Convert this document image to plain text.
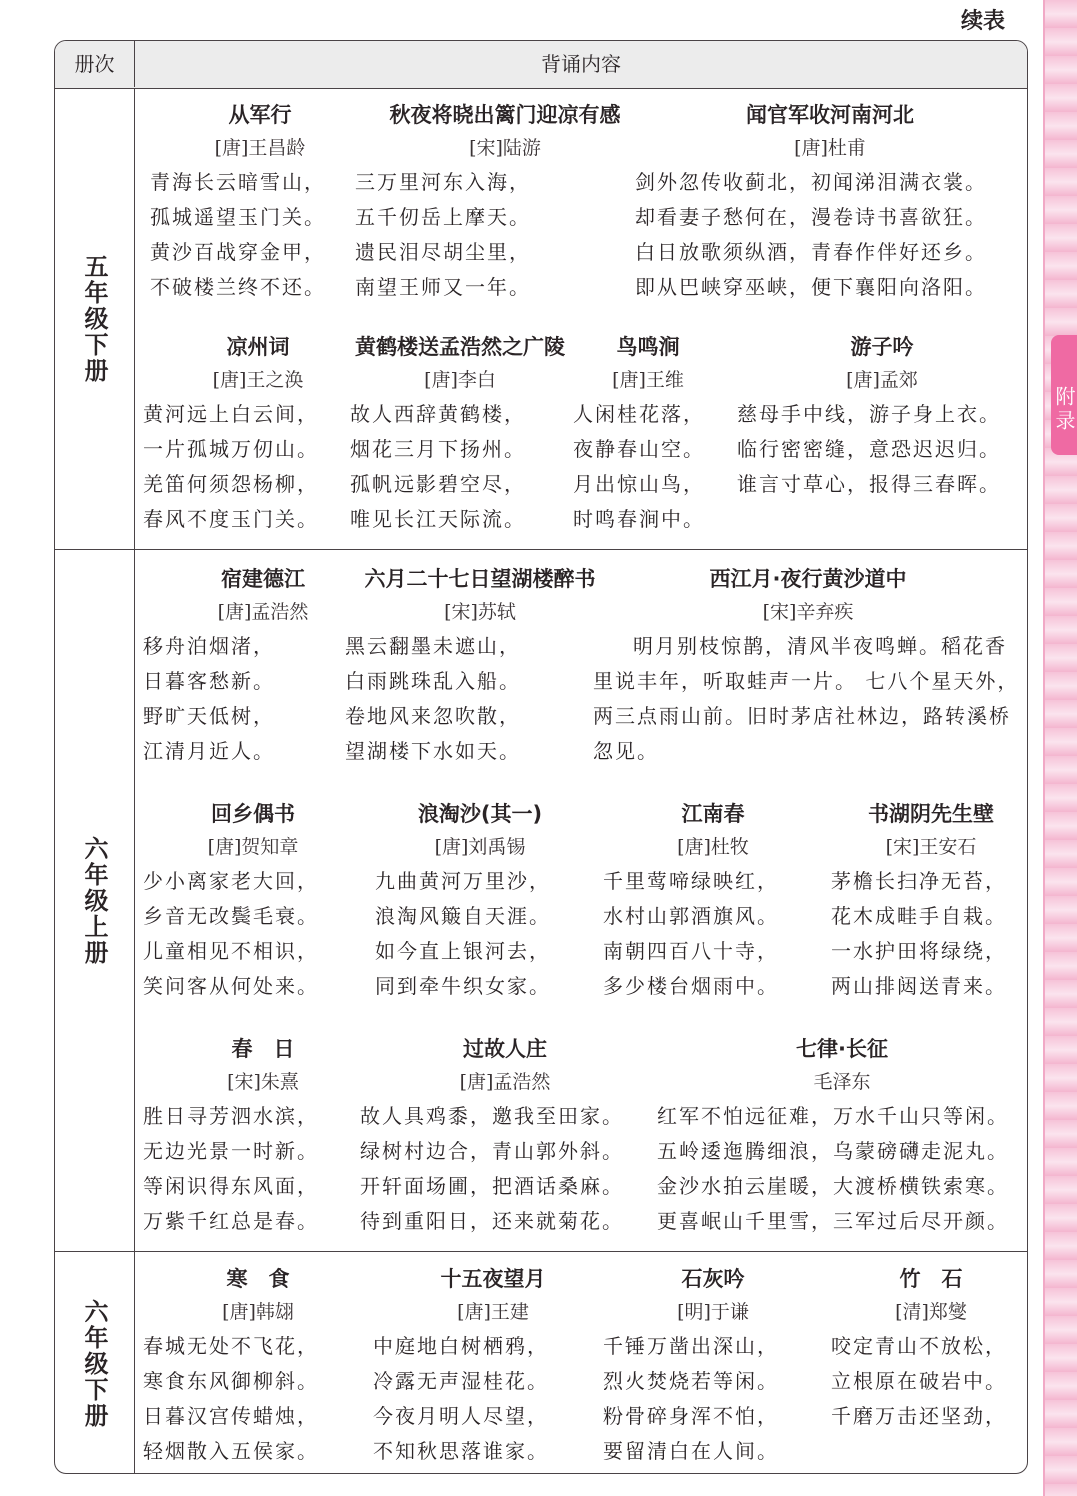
附录
续表
册次	背诵内容
五年级下册
六年级上册
六年级下册
从军行
[唐]王昌龄
青海长云暗雪山，
孤城遥望玉门关。
黄沙百战穿金甲，
不破楼兰终不还。
秋夜将晓出篱门迎凉有感
[宋]陆游
三万里河东入海，
五千仞岳上摩天。
遗民泪尽胡尘里，
南望王师又一年。
闻官军收河南河北
[唐]杜甫
剑外忽传收蓟北，初闻涕泪满衣裳。
却看妻子愁何在，漫卷诗书喜欲狂。
白日放歌须纵酒，青春作伴好还乡。
即从巴峡穿巫峡，便下襄阳向洛阳。
凉州词
[唐]王之涣
黄河远上白云间，
一片孤城万仞山。
羌笛何须怨杨柳，
春风不度玉门关。
黄鹤楼送孟浩然之广陵
[唐]李白
故人西辞黄鹤楼，
烟花三月下扬州。
孤帆远影碧空尽，
唯见长江天际流。
鸟鸣涧
[唐]王维
人闲桂花落，
夜静春山空。
月出惊山鸟，
时鸣春涧中。
游子吟
[唐]孟郊
慈母手中线，游子身上衣。
临行密密缝，意恐迟迟归。
谁言寸草心，报得三春晖。
宿建德江
[唐]孟浩然
移舟泊烟渚，
日暮客愁新。
野旷天低树，
江清月近人。
六月二十七日望湖楼醉书
[宋]苏轼
黑云翻墨未遮山，
白雨跳珠乱入船。
卷地风来忽吹散，
望湖楼下水如天。
西江月·夜行黄沙道中
[宋]辛弃疾
明月别枝惊鹊，清风半夜鸣蝉。稻花香里说丰年，听取蛙声一片。 七八个星天外，两三点雨山前。旧时茅店社林边，路转溪桥忽见。
回乡偶书
[唐]贺知章
少小离家老大回，
乡音无改鬓毛衰。
儿童相见不相识，
笑问客从何处来。
浪淘沙(其一)
[唐]刘禹锡
九曲黄河万里沙，
浪淘风簸自天涯。
如今直上银河去，
同到牵牛织女家。
江南春
[唐]杜牧
千里莺啼绿映红，
水村山郭酒旗风。
南朝四百八十寺，
多少楼台烟雨中。
书湖阴先生壁
[宋]王安石
茅檐长扫净无苔，
花木成畦手自栽。
一水护田将绿绕，
两山排闼送青来。
春　日
[宋]朱熹
胜日寻芳泗水滨，
无边光景一时新。
等闲识得东风面，
万紫千红总是春。
过故人庄
[唐]孟浩然
故人具鸡黍，邀我至田家。
绿树村边合，青山郭外斜。
开轩面场圃，把酒话桑麻。
待到重阳日，还来就菊花。
七律·长征
毛泽东
红军不怕远征难，万水千山只等闲。
五岭逶迤腾细浪，乌蒙磅礴走泥丸。
金沙水拍云崖暖，大渡桥横铁索寒。
更喜岷山千里雪，三军过后尽开颜。
寒　食
[唐]韩翃
春城无处不飞花，
寒食东风御柳斜。
日暮汉宫传蜡烛，
轻烟散入五侯家。
十五夜望月
[唐]王建
中庭地白树栖鸦，
冷露无声湿桂花。
今夜月明人尽望，
不知秋思落谁家。
石灰吟
[明]于谦
千锤万凿出深山，
烈火焚烧若等闲。
粉骨碎身浑不怕，
要留清白在人间。
竹　石
[清]郑燮
咬定青山不放松，
立根原在破岩中。
千磨万击还坚劲，
